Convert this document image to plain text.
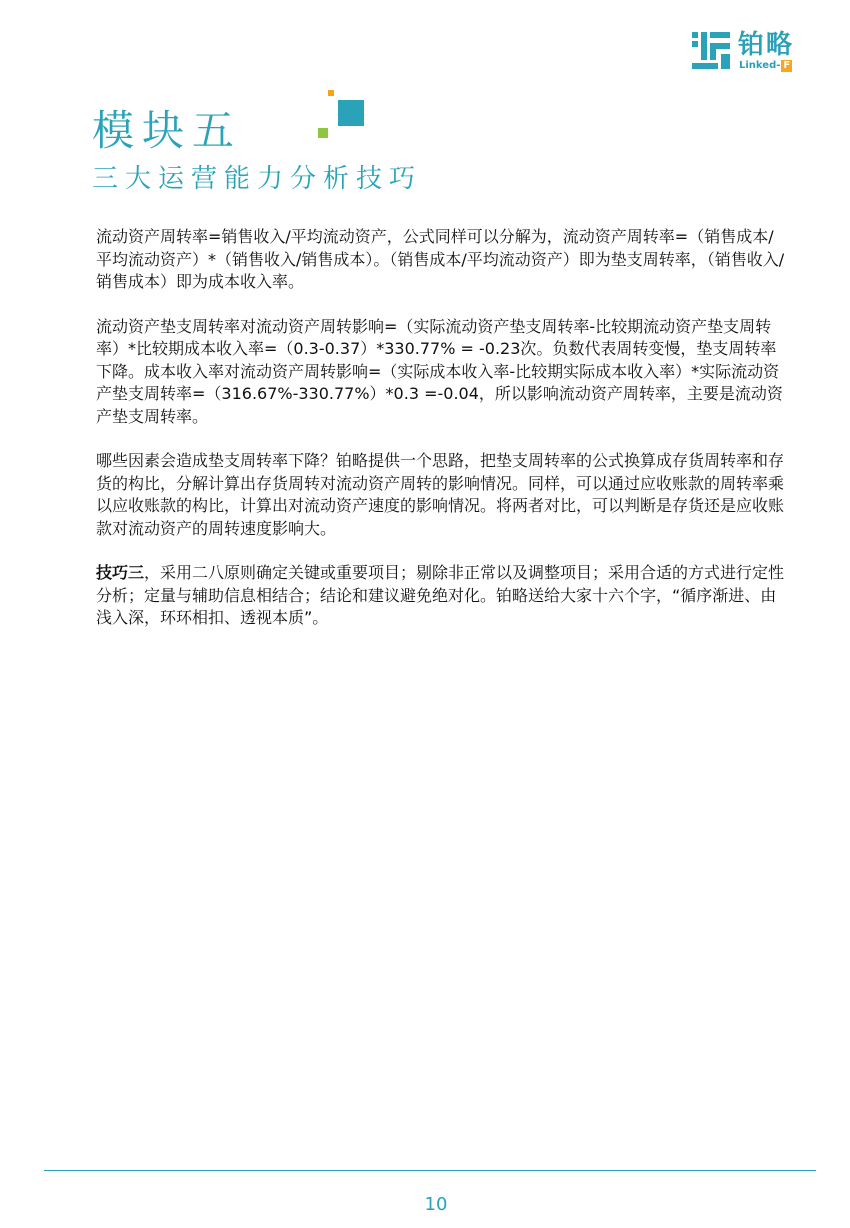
铂略
Linked- F
模块五
三大运营能力分析技巧

流动资产周转率=销售收入/平均流动资产，公式同样可以分解为，流动资产周转率=（销售成本/平均流动资产）*（销售收入/销售成本）。（销售成本/平均流动资产）即为垫支周转率，（销售收入/销售成本）即为成本收入率。

流动资产垫支周转率对流动资产周转影响=（实际流动资产垫支周转率-比较期流动资产垫支周转率）*比较期成本收入率=（0.3-0.37）*330.77% = -0.23次。负数代表周转变慢，垫支周转率下降。成本收入率对流动资产周转影响=（实际成本收入率-比较期实际成本收入率）*实际流动资产垫支周转率=（316.67%-330.77%）*0.3 =-0.04，所以影响流动资产周转率，主要是流动资产垫支周转率。

哪些因素会造成垫支周转率下降？铂略提供一个思路，把垫支周转率的公式换算成存货周转率和存货的构比，分解计算出存货周转对流动资产周转的影响情况。同样，可以通过应收账款的周转率乘以应收账款的构比，计算出对流动资产速度的影响情况。将两者对比，可以判断是存货还是应收账款对流动资产的周转速度影响大。

技巧三，采用二八原则确定关键或重要项目；剔除非正常以及调整项目；采用合适的方式进行定性分析；定量与辅助信息相结合；结论和建议避免绝对化。铂略送给大家十六个字，“循序渐进、由浅入深，环环相扣、透视本质”。

10
